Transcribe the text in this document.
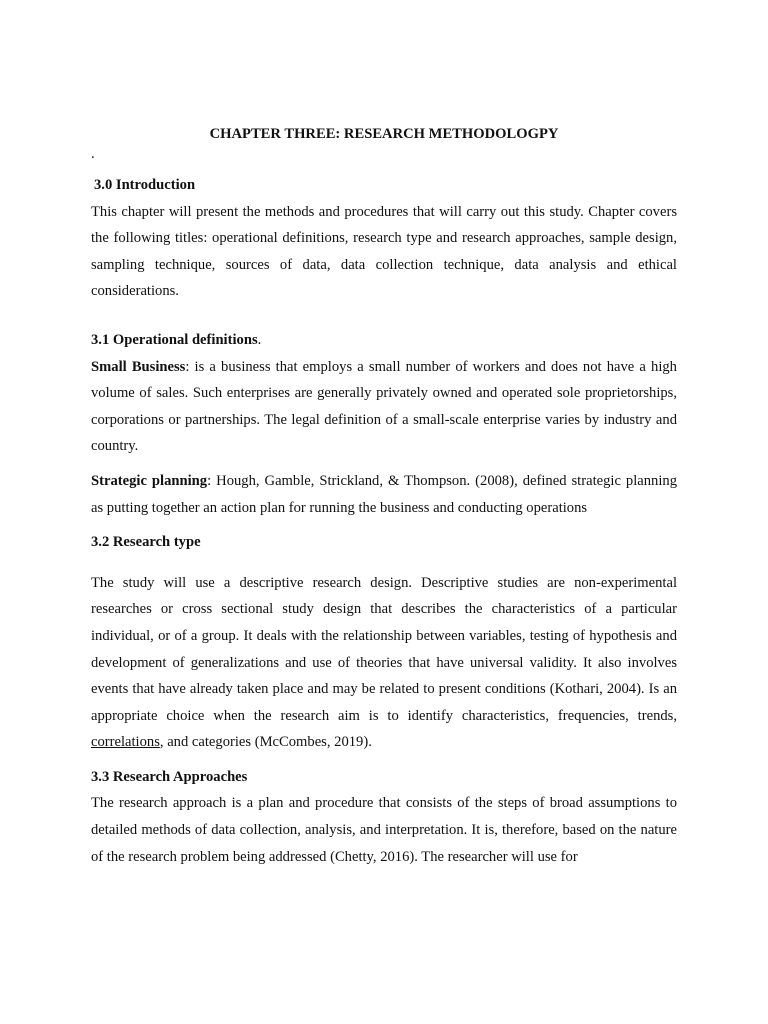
CHAPTER THREE: RESEARCH METHODOLOGPY
.
3.0 Introduction

This chapter will present the methods and procedures that will carry out this study. Chapter covers the following titles: operational definitions, research type and research approaches, sample design, sampling technique, sources of data, data collection technique, data analysis and ethical considerations.

3.1 Operational definitions.

Small Business: is a business that employs a small number of workers and does not have a high volume of sales. Such enterprises are generally privately owned and operated sole proprietorships, corporations or partnerships. The legal definition of a small-scale enterprise varies by industry and country.

Strategic planning: Hough, Gamble, Strickland, & Thompson. (2008), defined strategic planning as putting together an action plan for running the business and conducting operations

3.2 Research type

The study will use a descriptive research design. Descriptive studies are non-experimental researches or cross sectional study design that describes the characteristics of a particular individual, or of a group. It deals with the relationship between variables, testing of hypothesis and development of generalizations and use of theories that have universal validity. It also involves events that have already taken place and may be related to present conditions (Kothari, 2004). Is an appropriate choice when the research aim is to identify characteristics, frequencies, trends, correlations, and categories (McCombes, 2019).

3.3 Research Approaches

The research approach is a plan and procedure that consists of the steps of broad assumptions to detailed methods of data collection, analysis, and interpretation. It is, therefore, based on the nature of the research problem being addressed (Chetty, 2016). The researcher will use for
